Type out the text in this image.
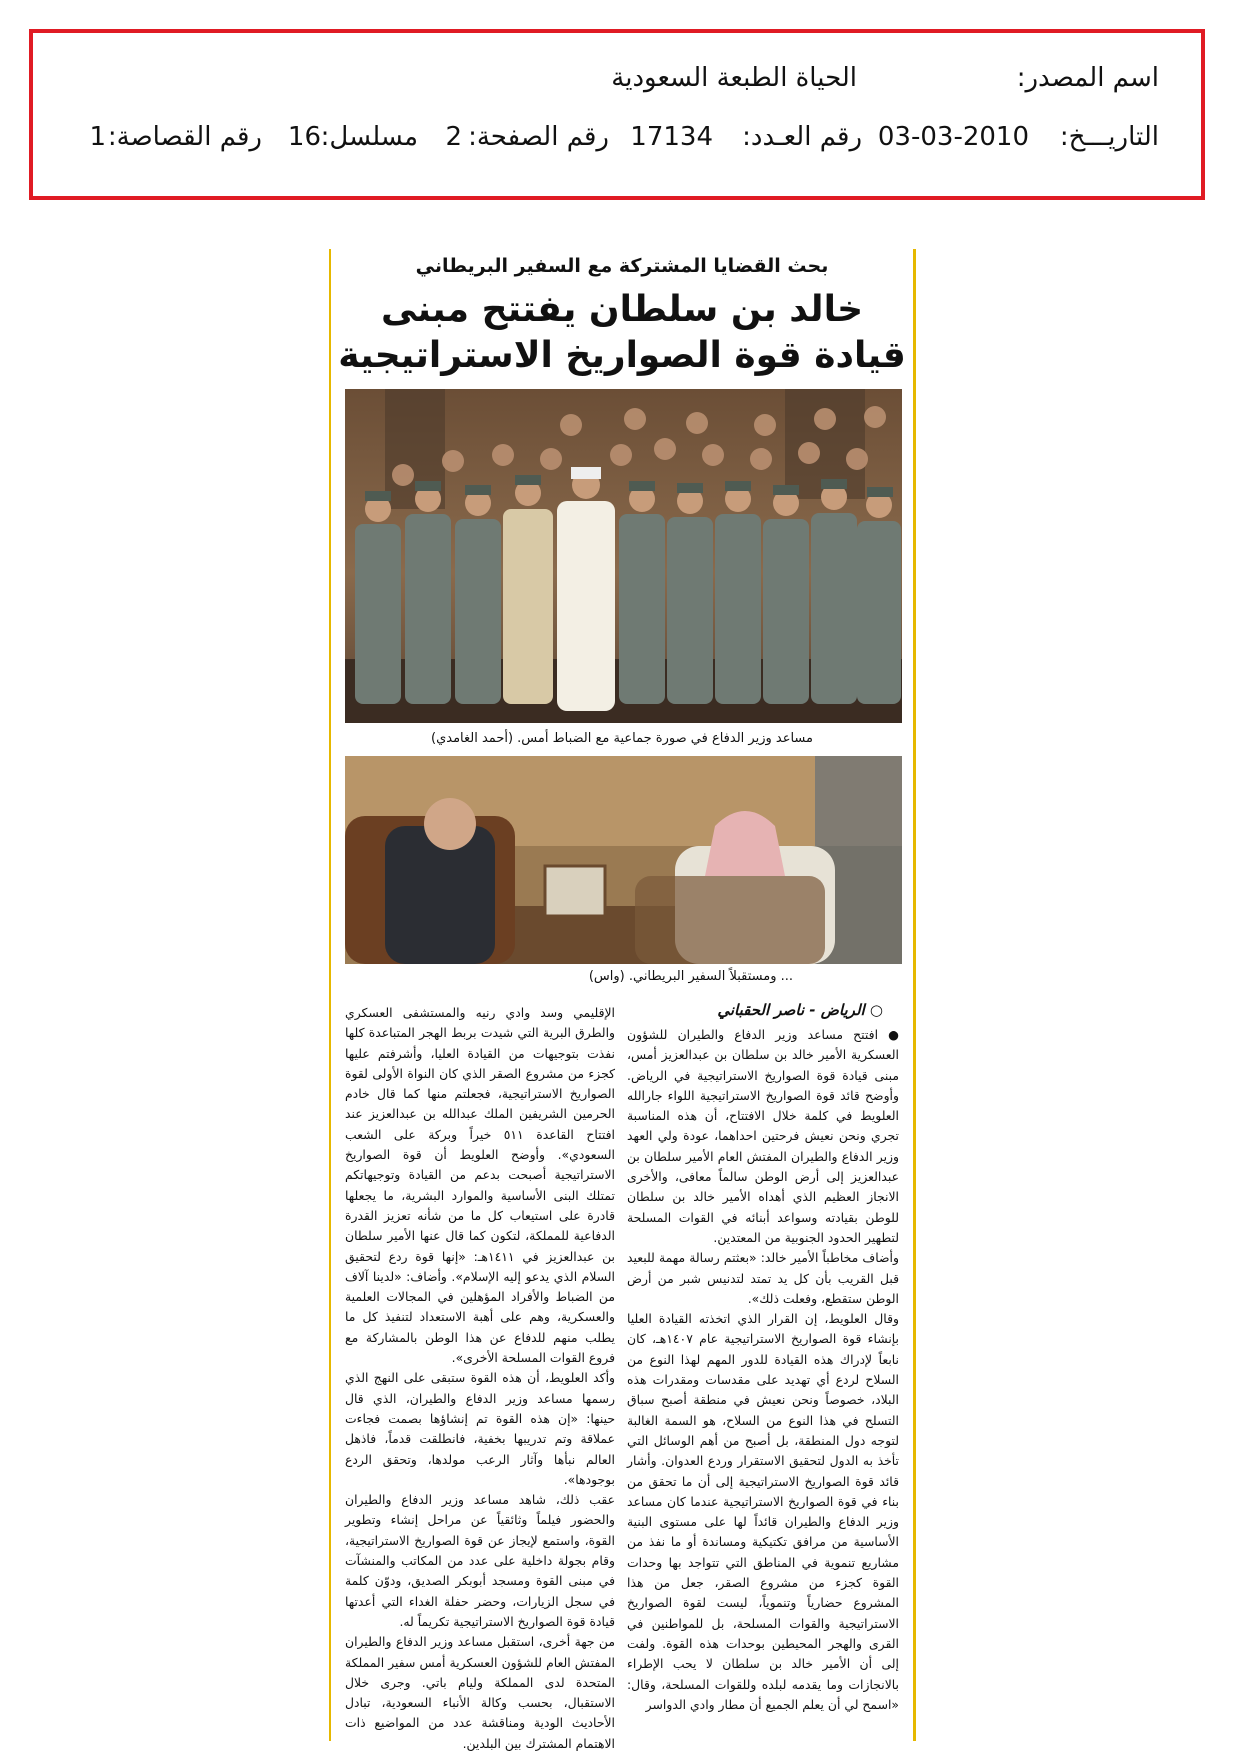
اسم المصدر:
الحياة الطبعة السعودية
التاريـــخ:
03-03-2010
رقم العـدد:
17134
رقم الصفحة:
2
مسلسل:
16
رقم القصاصة:
1
بحث القضايا المشتركة مع السفير البريطاني
خالد بن سلطان يفتتح مبنى
قيادة قوة الصواريخ الاستراتيجية
مساعد وزير الدفاع في صورة جماعية مع الضباط أمس. (أحمد الغامدي)
... ومستقبلاً السفير البريطاني. (واس)
○ الرياض - ناصر الحقباني

● افتتح مساعد وزير الدفاع والطيران للشؤون العسكرية الأمير خالد بن سلطان بن عبدالعزيز أمس، مبنى قيادة قوة الصواريخ الاستراتيجية في الرياض. وأوضح قائد قوة الصواريخ الاستراتيجية اللواء جارالله العلويط في كلمة خلال الافتتاح، أن هذه المناسبة تجري ونحن نعيش فرحتين احداهما، عودة ولي العهد وزير الدفاع والطيران المفتش العام الأمير سلطان بن عبدالعزيز إلى أرض الوطن سالماً معافى، والأخرى الانجاز العظيم الذي أهداه الأمير خالد بن سلطان للوطن بقيادته وسواعد أبنائه في القوات المسلحة لتطهير الحدود الجنوبية من المعتدين.

وأضاف مخاطباً الأمير خالد: «بعثتم رسالة مهمة للبعيد قبل القريب بأن كل يد تمتد لتدنيس شبر من أرض الوطن ستقطع، وفعلت ذلك».

وقال العلويط، إن القرار الذي اتخذته القيادة العليا بإنشاء قوة الصواريخ الاستراتيجية عام ١٤٠٧هـ، كان نابعاً لإدراك هذه القيادة للدور المهم لهذا النوع من السلاح لردع أي تهديد على مقدسات ومقدرات هذه البلاد، خصوصاً ونحن نعيش في منطقة أصبح سباق التسلح في هذا النوع من السلاح، هو السمة الغالبة لتوجه دول المنطقة، بل أصبح من أهم الوسائل التي تأخذ به الدول لتحقيق الاستقرار وردع العدوان. وأشار قائد قوة الصواريخ الاستراتيجية إلى أن ما تحقق من بناء في قوة الصواريخ الاستراتيجية عندما كان مساعد وزير الدفاع والطيران قائداً لها على مستوى البنية الأساسية من مرافق تكتيكية ومساندة أو ما نفذ من مشاريع تنموية في المناطق التي تتواجد بها وحدات القوة كجزء من مشروع الصقر، جعل من هذا المشروع حضارياً وتنموياً، ليست لقوة الصواريخ الاستراتيجية والقوات المسلحة، بل للمواطنين في القرى والهجر المحيطين بوحدات هذه القوة. ولفت إلى أن الأمير خالد بن سلطان لا يحب الإطراء بالانجازات وما يقدمه لبلده وللقوات المسلحة، وقال: «اسمح لي أن يعلم الجميع أن مطار وادي الدواسر

الإقليمي وسد وادي رنيه والمستشفى العسكري والطرق البرية التي شيدت بربط الهجر المتباعدة كلها نفذت بتوجيهات من القيادة العليا، وأشرفتم عليها كجزء من مشروع الصقر الذي كان النواة الأولى لقوة الصواريخ الاستراتيجية، فجعلتم منها كما قال خادم الحرمين الشريفين الملك عبدالله بن عبدالعزيز عند افتتاح القاعدة ٥١١ خيراً وبركة على الشعب السعودي». وأوضح العلويط أن قوة الصواريخ الاستراتيجية أصبحت بدعم من القيادة وتوجيهاتكم تمتلك البنى الأساسية والموارد البشرية، ما يجعلها قادرة على استيعاب كل ما من شأنه تعزيز القدرة الدفاعية للمملكة، لتكون كما قال عنها الأمير سلطان بن عبدالعزيز في ١٤١١هـ: «إنها قوة ردع لتحقيق السلام الذي يدعو إليه الإسلام». وأضاف: «لدينا آلاف من الضباط والأفراد المؤهلين في المجالات العلمية والعسكرية، وهم على أهبة الاستعداد لتنفيذ كل ما يطلب منهم للدفاع عن هذا الوطن بالمشاركة مع فروع القوات المسلحة الأخرى».

وأكد العلويط، أن هذه القوة ستبقى على النهج الذي رسمها مساعد وزير الدفاع والطيران، الذي قال حينها: «إن هذه القوة تم إنشاؤها بصمت فجاءت عملاقة وتم تدريبها بخفية، فانطلقت قدماً، فاذهل العالم نبأها وآثار الرعب مولدها، وتحقق الردع بوجودها».

عقب ذلك، شاهد مساعد وزير الدفاع والطيران والحضور فيلماً وثائقياً عن مراحل إنشاء وتطوير القوة، واستمع لإيجاز عن قوة الصواريخ الاستراتيجية، وقام بجولة داخلية على عدد من المكاتب والمنشآت في مبنى القوة ومسجد أبوبكر الصديق، ودوّن كلمة في سجل الزيارات، وحضر حفلة الغداء التي أعدتها قيادة قوة الصواريخ الاستراتيجية تكريماً له.

من جهة أخرى، استقبل مساعد وزير الدفاع والطيران المفتش العام للشؤون العسكرية أمس سفير المملكة المتحدة لدى المملكة وليام باتي. وجرى خلال الاستقبال، بحسب وكالة الأنباء السعودية، تبادل الأحاديث الودية ومناقشة عدد من المواضيع ذات الاهتمام المشترك بين البلدين.
